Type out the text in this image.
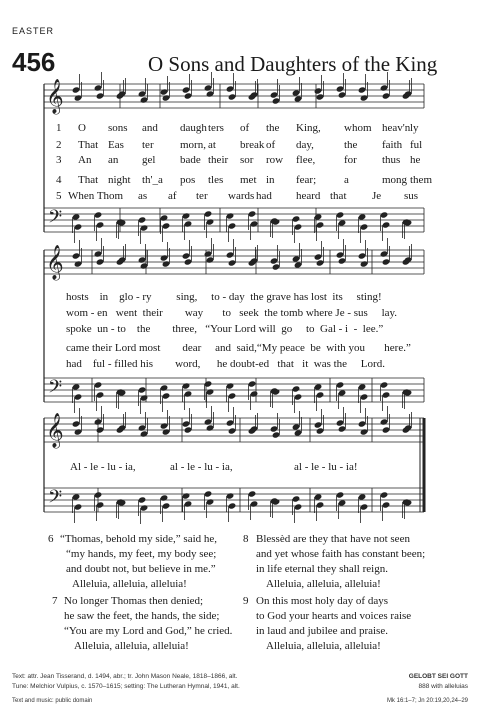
EASTER
456	O Sons and Daughters of the King
𝄞
𝄢
𝄞
𝄢
𝄞
𝄢
1 O sons and daugh ters of the King, whom heav'n ly
2 That Eas ter morn, at break of day,	the faith ful
3 An an gel bade their sor row flee,	for thus he
4 That night th'_a pos tles met in fear;	a	mong them
5 When Thom as af ter wards had heard that Je sus
hosts    in    glo - ry         sing,     to - day  the grave has lost  its     sting!
wom - en   went  their        way       to   seek  the tomb where Je - sus     lay.
spoke  un - to    the        three,   “Your Lord will  go     to  Gal - i  -  lee.”
came their Lord most        dear     and  said,“My peace  be  with you       here.”
had    ful - filled his        word,      he doubt-ed   that   it  was the     Lord.
Al - le - lu - ia,	al - le - lu - ia,	al - le - lu - ia!
6 “Thomas, behold my side,” said he,
“my hands, my feet, my body see;
and doubt not, but believe in me.”
Alleluia, alleluia, alleluia!
7 No longer Thomas then denied;
he saw the feet, the hands, the side;
“You are my Lord and God,” he cried.
Alleluia, alleluia, alleluia!
8 Blessèd are they that have not seen
and yet whose faith has constant been;
in life eternal they shall reign.
Alleluia, alleluia, alleluia!
9 On this most holy day of days
to God your hearts and voices raise
in laud and jubilee and praise.
Alleluia, alleluia, alleluia!
Text: attr. Jean Tisserand, d. 1494, abr.; tr. John Mason Neale, 1818–1866, alt.
Tune: Melchior Vulpius, c. 1570–1615; setting: The Lutheran Hymnal, 1941, alt.
Text and music: public domain
GELOBT SEI GOTT
888 with alleluias
Mk 16:1–7; Jn 20:19,20,24–29
